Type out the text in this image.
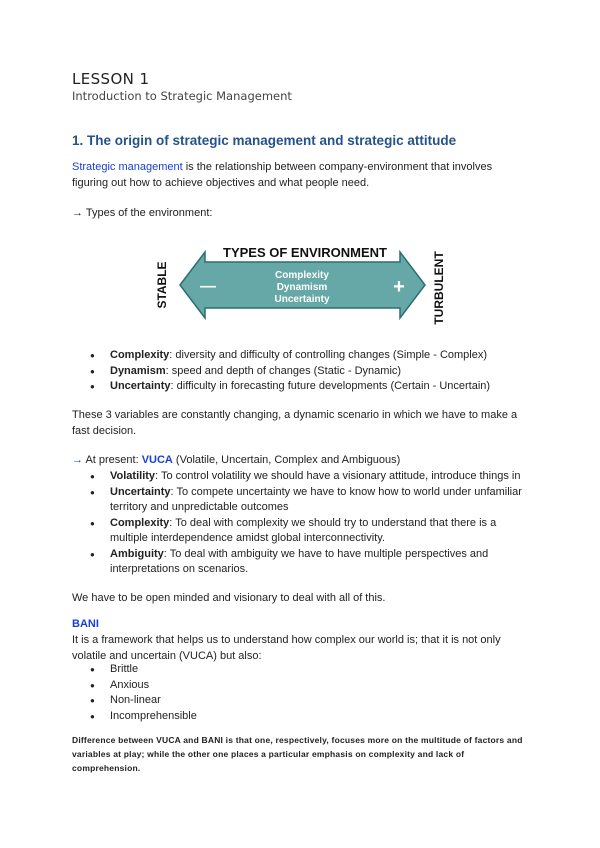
LESSON 1
Introduction to Strategic Management
1. The origin of strategic management and strategic attitude
Strategic management is the relationship between company-environment that involves
figuring out how to achieve objectives and what people need.
→ Types of the environment:
TYPES OF ENVIRONMENT
STABLE	TURBULENT
—	+
Complexity
Dynamism
Uncertainty
● Complexity: diversity and difficulty of controlling changes (Simple - Complex)
● Dynamism: speed and depth of changes (Static - Dynamic)
● Uncertainty: difficulty in forecasting future developments (Certain - Uncertain)
These 3 variables are constantly changing, a dynamic scenario in which we have to make a
fast decision.
→ At present: VUCA (Volatile, Uncertain, Complex and Ambiguous)
● Volatility: To control volatility we should have a visionary attitude, introduce things in
● Uncertainty: To compete uncertainty we have to know how to world under unfamiliar
territory and unpredictable outcomes
● Complexity: To deal with complexity we should try to understand that there is a
multiple interdependence amidst global interconnectivity.
● Ambiguity: To deal with ambiguity we have to have multiple perspectives and
interpretations on scenarios.
We have to be open minded and visionary to deal with all of this.
BANI
It is a framework that helps us to understand how complex our world is; that it is not only
volatile and uncertain (VUCA) but also:
● Brittle
● Anxious
● Non-linear
● Incomprehensible
Difference between VUCA and BANI is that one, respectively, focuses more on the multitude of factors and variables at play; while the other one places a particular emphasis on complexity and lack of comprehension.
